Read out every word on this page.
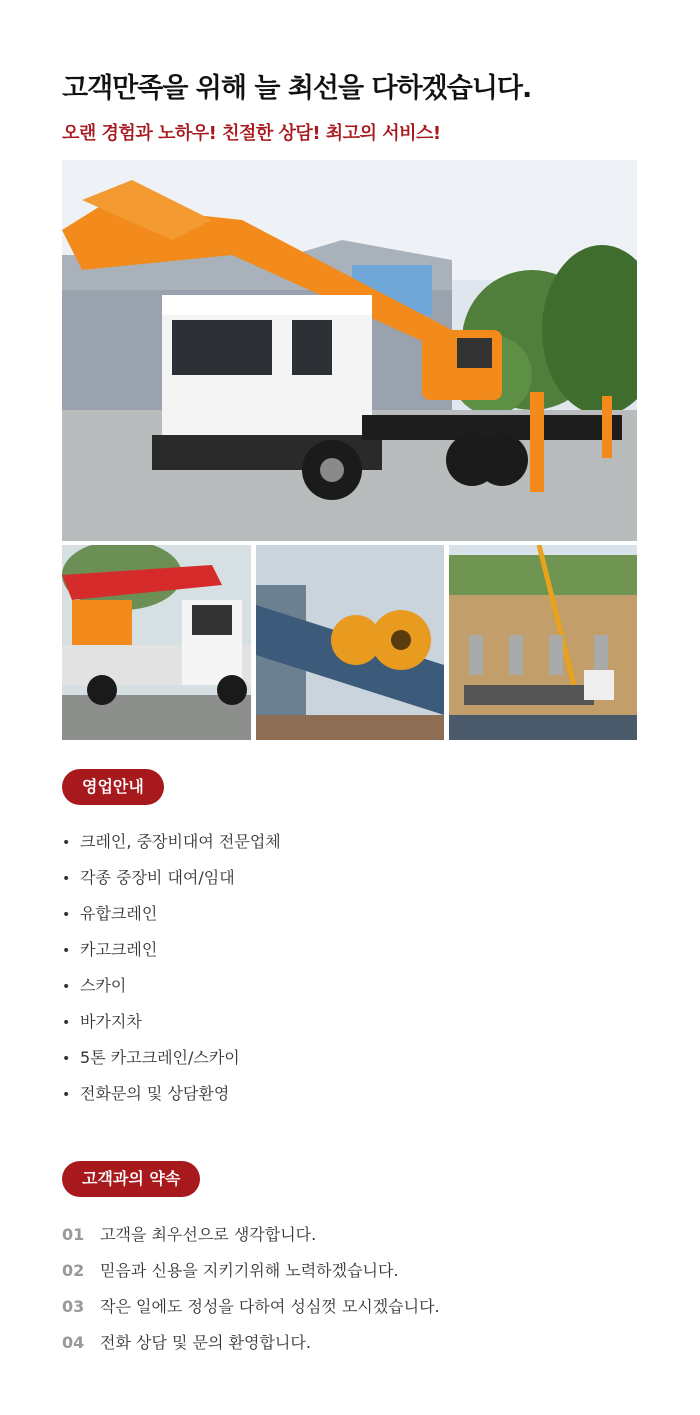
고객만족을 위해 늘 최선을 다하겠습니다.
오랜 경험과 노하우! 친절한 상담! 최고의 서비스!
영업안내
• 크레인, 중장비대여 전문업체
• 각종 중장비 대여/임대
• 유합크레인
• 카고크레인
• 스카이
• 바가지차
• 5톤 카고크레인/스카이
• 전화문의 및 상담환영
고객과의 약속
01 고객을 최우선으로 생각합니다.
02 믿음과 신용을 지키기위해 노력하겠습니다.
03 작은 일에도 정성을 다하여 성심껏 모시겠습니다.
04 전화 상담 및 문의 환영합니다.
